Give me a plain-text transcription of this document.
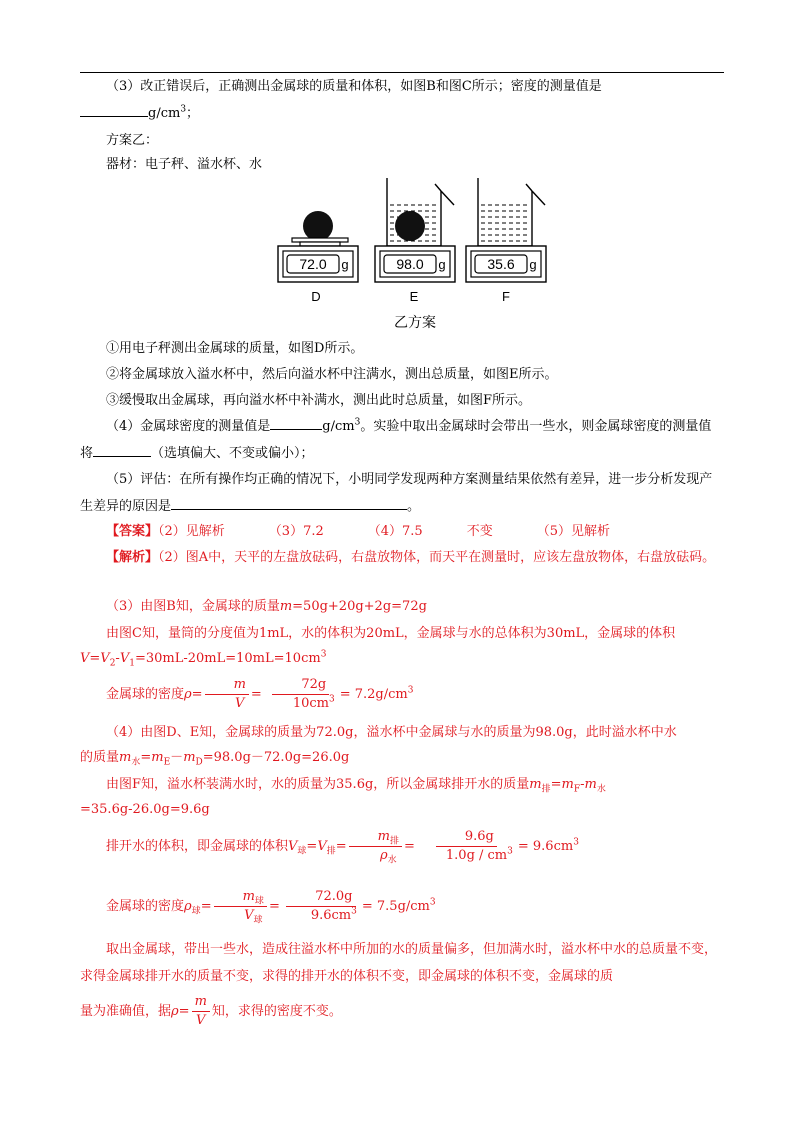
（3）改正错误后，正确测出金属球的质量和体积，如图B和图C所示；密度的测量值是
$g/cm^3$；
方案乙：
器材：电子秤、溢水杯、水
72.0 g
D
98.0 g
E
35.6 g
F
乙方案
①用电子秤测出金属球的质量，如图D所示。
②将金属球放入溢水杯中，然后向溢水杯中注满水，测出总质量，如图E所示。
③缓慢取出金属球，再向溢水杯中补满水，测出此时总质量，如图F所示。
（4）金属球密度的测量值是	$g/cm^3$。实验中取出金属球时会带出一些水，则金属球密度的测量值将	（选填偏大、不变或偏小）；
（5）评估：在所有操作均正确的情况下，小明同学发现两种方案测量结果依然有差异，进一步分析发现产生差异的原因是	。
【答案】（2）见解析	（3）7.2	（4）7.5	不变	（5）见解析
【解析】（2）图A中，天平的左盘放砝码，右盘放物体，而天平在测量时，应该左盘放物体，右盘放砝码。
（3）由图B知，金属球的质量m=50g+20g+2g=72g
由图C知，量筒的分度值为1mL，水的体积为20mL，金属球与水的总体积为30mL，金属球的体积
$V=V_2-V_1=30mL-20mL=10mL=10cm^3$
金属球的密度$\rho= \frac{m}{V} = \frac{72g}{10cm^3} = 7.2g/cm^3$
（4）由图D、E知，金属球的质量为72.0g，溢水杯中金属球与水的质量为98.0g，此时溢水杯中水
的质量$m_水=m_E-m_D=98.0g-72.0g=26.0g$
由图F知，溢水杯装满水时，水的质量为35.6g，所以金属球排开水的质量$m_排=m_F-m_水$
=35.6g-26.0g=9.6g
排开水的体积，即金属球的体积$V_球=V_排= \frac{m_排}{\rho_水} = \frac{9.6g}{1.0g / cm^3} = 9.6cm^3$
金属球的密度$\rho_球= \frac{m_球}{V_球} = \frac{72.0g}{9.6cm^3} = 7.5g/cm^3$
取出金属球，带出一些水，造成往溢水杯中所加的水的质量偏多，但加满水时，溢水杯中水的总质量不变，求得金属球排开水的质量不变，求得的排开水的体积不变，即金属球的体积不变，金属球的质
量为准确值，据$\rho= \frac{m}{V}$ 知，求得的密度不变。
